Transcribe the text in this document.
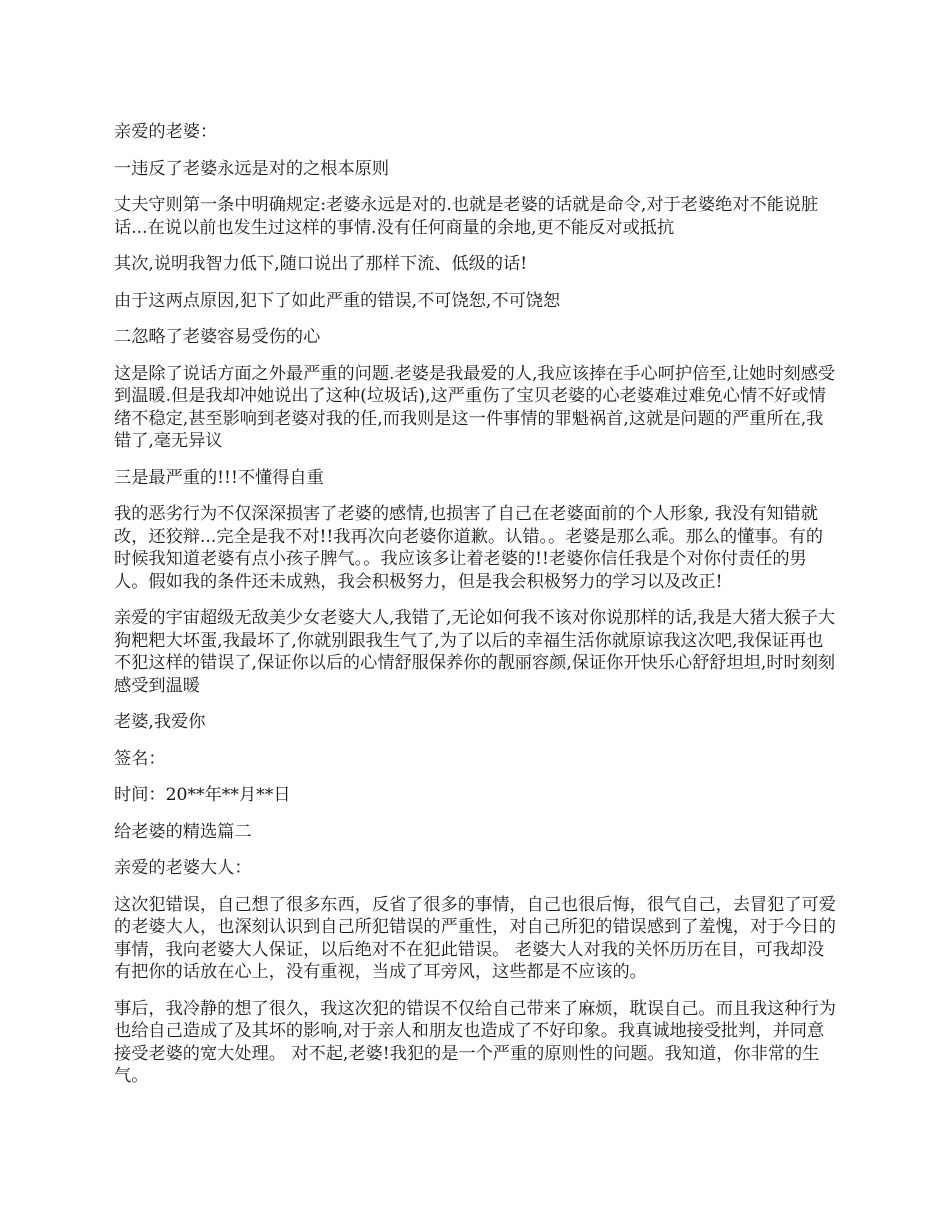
亲爱的老婆：

一违反了老婆永远是对的之根本原则

丈夫守则第一条中明确规定:老婆永远是对的.也就是老婆的话就是命令,对于老婆绝对不能说脏话...在说以前也发生过这样的事情.没有任何商量的余地,更不能反对或抵抗

其次,说明我智力低下,随口说出了那样下流、低级的话!

由于这两点原因,犯下了如此严重的错误,不可饶恕,不可饶恕

二忽略了老婆容易受伤的心

这是除了说话方面之外最严重的问题.老婆是我最爱的人,我应该捧在手心呵护倍至,让她时刻感受到温暖.但是我却冲她说出了这种(垃圾话),这严重伤了宝贝老婆的心老婆难过难免心情不好或情绪不稳定,甚至影响到老婆对我的任,而我则是这一件事情的罪魁祸首,这就是问题的严重所在,我错了,毫无异议

三是最严重的!!!不懂得自重

我的恶劣行为不仅深深损害了老婆的感情,也损害了自己在老婆面前的个人形象, 我没有知错就改，还狡辩...完全是我不对!!我再次向老婆你道歉。认错。。老婆是那么乖。那么的懂事。有的时候我知道老婆有点小孩子脾气。。我应该多让着老婆的!!老婆你信任我是个对你付责任的男人。假如我的条件还未成熟，我会积极努力，但是我会积极努力的学习以及改正!

亲爱的宇宙超级无敌美少女老婆大人,我错了,无论如何我不该对你说那样的话,我是大猪大猴子大狗粑粑大坏蛋,我最坏了,你就别跟我生气了,为了以后的幸福生活你就原谅我这次吧,我保证再也不犯这样的错误了,保证你以后的心情舒服保养你的靓丽容颜,保证你开快乐心舒舒坦坦,时时刻刻感受到温暖

老婆,我爱你

签名：

时间：20**年**月**日

给老婆的精选篇二

亲爱的老婆大人：

这次犯错误，自己想了很多东西，反省了很多的事情，自己也很后悔，很气自己，去冒犯了可爱的老婆大人，也深刻认识到自己所犯错误的严重性，对自己所犯的错误感到了羞愧，对于今日的事情，我向老婆大人保证，以后绝对不在犯此错误。 老婆大人对我的关怀历历在目，可我却没有把你的话放在心上，没有重视，当成了耳旁风，这些都是不应该的。

事后，我冷静的想了很久，我这次犯的错误不仅给自己带来了麻烦，耽误自己。而且我这种行为也给自己造成了及其坏的影响,对于亲人和朋友也造成了不好印象。我真诚地接受批判，并同意接受老婆的宽大处理。 对不起,老婆!我犯的是一个严重的原则性的问题。我知道，你非常的生气。
